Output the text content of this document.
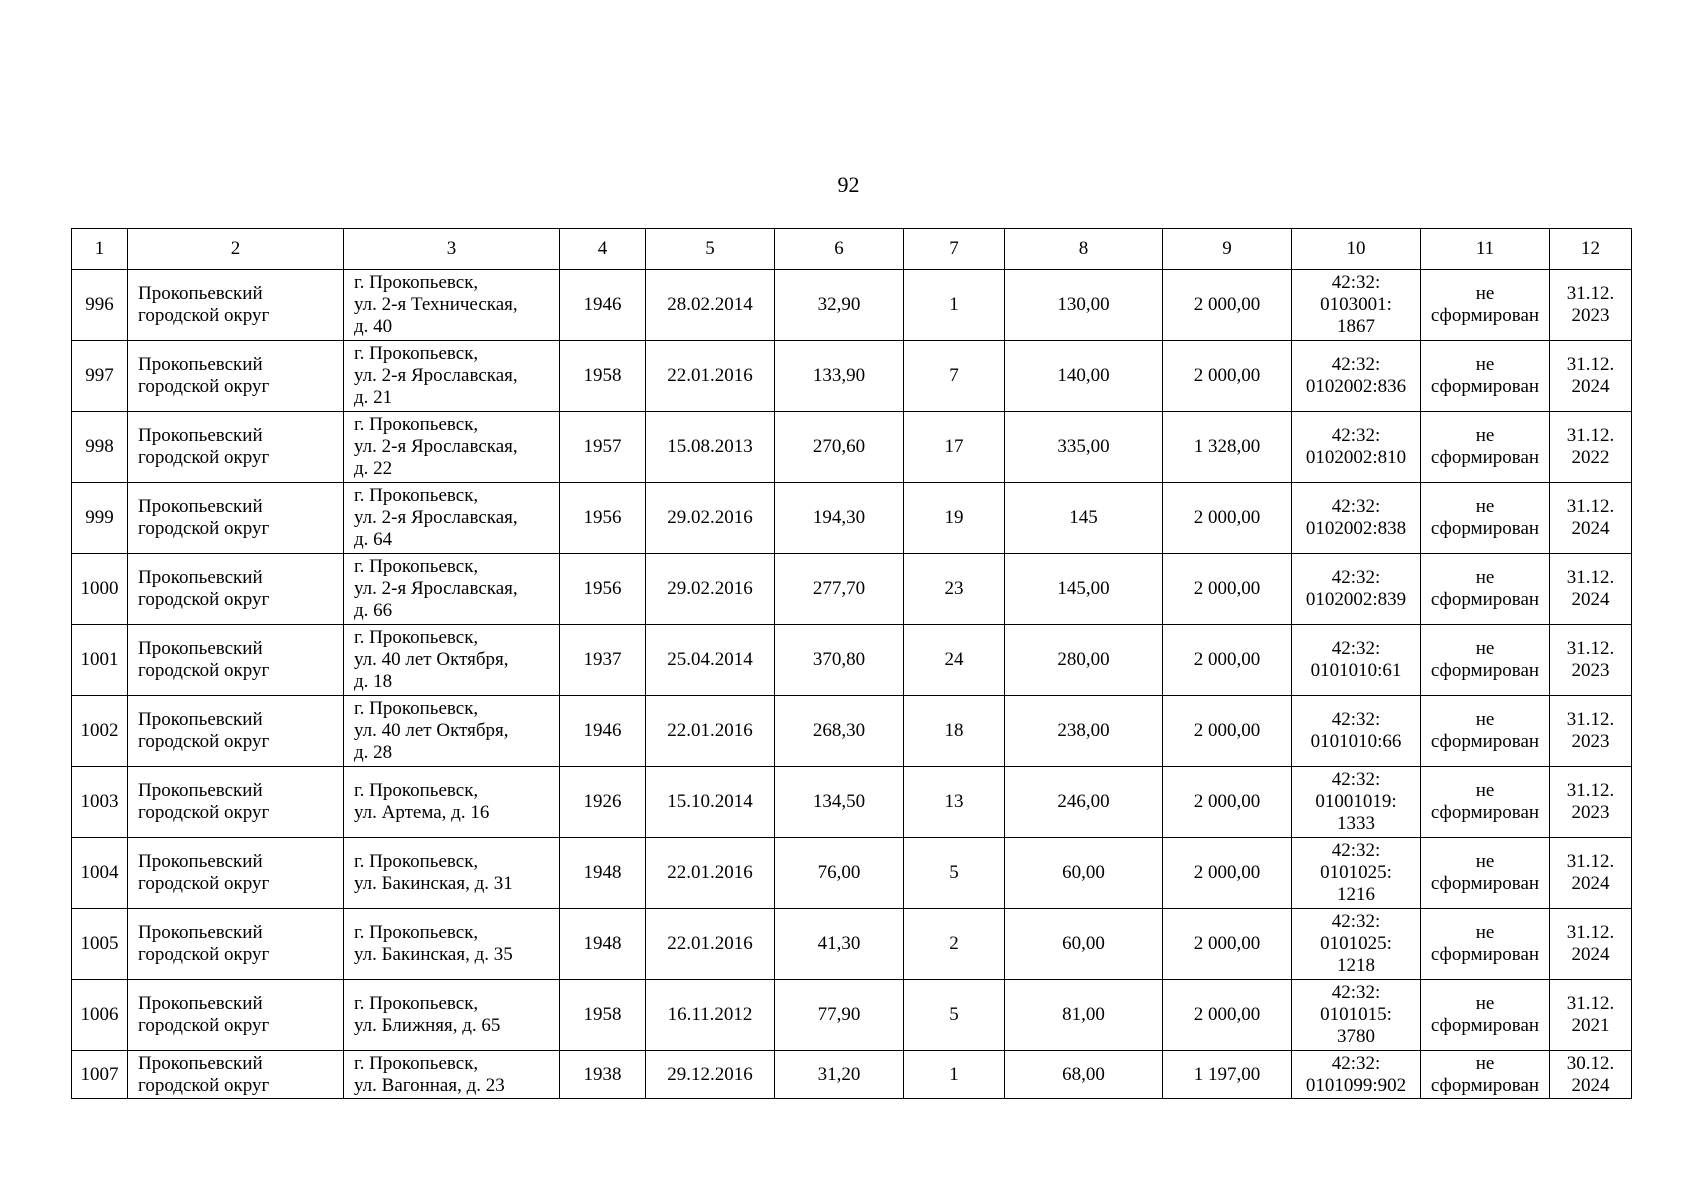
92
1	2	3	4	5	6	7	8	9	10	11	12
996	Прокопьевский
городской округ	г. Прокопьевск,
ул. 2-я Техническая,
д. 40	1946	28.02.2014	32,90	1	130,00	2 000,00	42:32:
0103001:
1867	не
сформирован	31.12.
2023
997	Прокопьевский
городской округ	г. Прокопьевск,
ул. 2-я Ярославская,
д. 21	1958	22.01.2016	133,90	7	140,00	2 000,00	42:32:
0102002:836	не
сформирован	31.12.
2024
998	Прокопьевский
городской округ	г. Прокопьевск,
ул. 2-я Ярославская,
д. 22	1957	15.08.2013	270,60	17	335,00	1 328,00	42:32:
0102002:810	не
сформирован	31.12.
2022
999	Прокопьевский
городской округ	г. Прокопьевск,
ул. 2-я Ярославская,
д. 64	1956	29.02.2016	194,30	19	145	2 000,00	42:32:
0102002:838	не
сформирован	31.12.
2024
1000	Прокопьевский
городской округ	г. Прокопьевск,
ул. 2-я Ярославская,
д. 66	1956	29.02.2016	277,70	23	145,00	2 000,00	42:32:
0102002:839	не
сформирован	31.12.
2024
1001	Прокопьевский
городской округ	г. Прокопьевск,
ул. 40 лет Октября,
д. 18	1937	25.04.2014	370,80	24	280,00	2 000,00	42:32:
0101010:61	не
сформирован	31.12.
2023
1002	Прокопьевский
городской округ	г. Прокопьевск,
ул. 40 лет Октября,
д. 28	1946	22.01.2016	268,30	18	238,00	2 000,00	42:32:
0101010:66	не
сформирован	31.12.
2023
1003	Прокопьевский
городской округ	г. Прокопьевск,
ул. Артема, д. 16	1926	15.10.2014	134,50	13	246,00	2 000,00	42:32:
01001019:
1333	не
сформирован	31.12.
2023
1004	Прокопьевский
городской округ	г. Прокопьевск,
ул. Бакинская, д. 31	1948	22.01.2016	76,00	5	60,00	2 000,00	42:32:
0101025:
1216	не
сформирован	31.12.
2024
1005	Прокопьевский
городской округ	г. Прокопьевск,
ул. Бакинская, д. 35	1948	22.01.2016	41,30	2	60,00	2 000,00	42:32:
0101025:
1218	не
сформирован	31.12.
2024
1006	Прокопьевский
городской округ	г. Прокопьевск,
ул. Ближняя, д. 65	1958	16.11.2012	77,90	5	81,00	2 000,00	42:32:
0101015:
3780	не
сформирован	31.12.
2021
1007	Прокопьевский
городской округ	г. Прокопьевск,
ул. Вагонная, д. 23	1938	29.12.2016	31,20	1	68,00	1 197,00	42:32:
0101099:902	не
сформирован	30.12.
2024
